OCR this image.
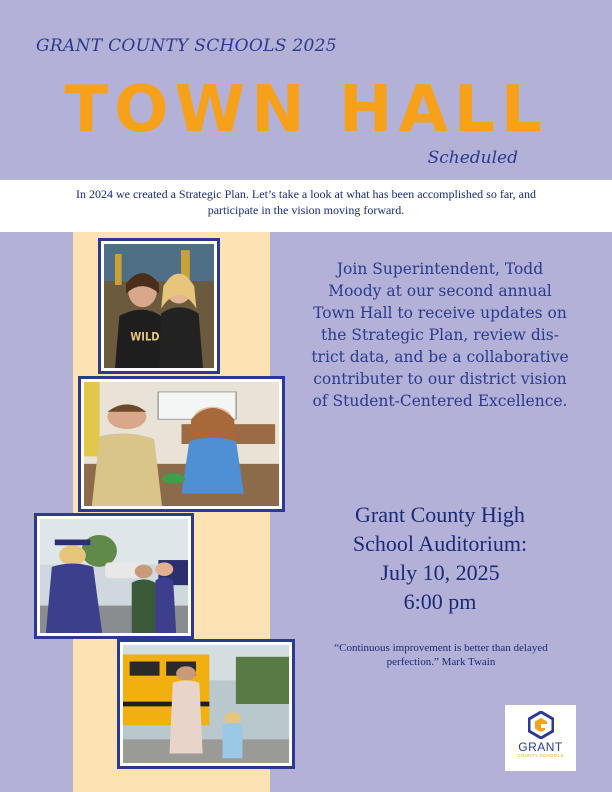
GRANT COUNTY SCHOOLS 2025
TOWN HALL
Scheduled
In 2024 we created a Strategic Plan. Let’s take a look at what has been accomplished so far, and
participate in the vision moving forward.
WILD
Join Superintendent, Todd
Moody at our second annual
Town Hall to receive updates on
the Strategic Plan, review dis-
trict data, and be a collaborative
contributer to our district vision
of Student-Centered Excellence.
Grant County High
School Auditorium:
July 10, 2025
6:00 pm
“Continuous improvement is better than delayed
perfection.” Mark Twain
GRANT
COUNTY SCHOOLS
